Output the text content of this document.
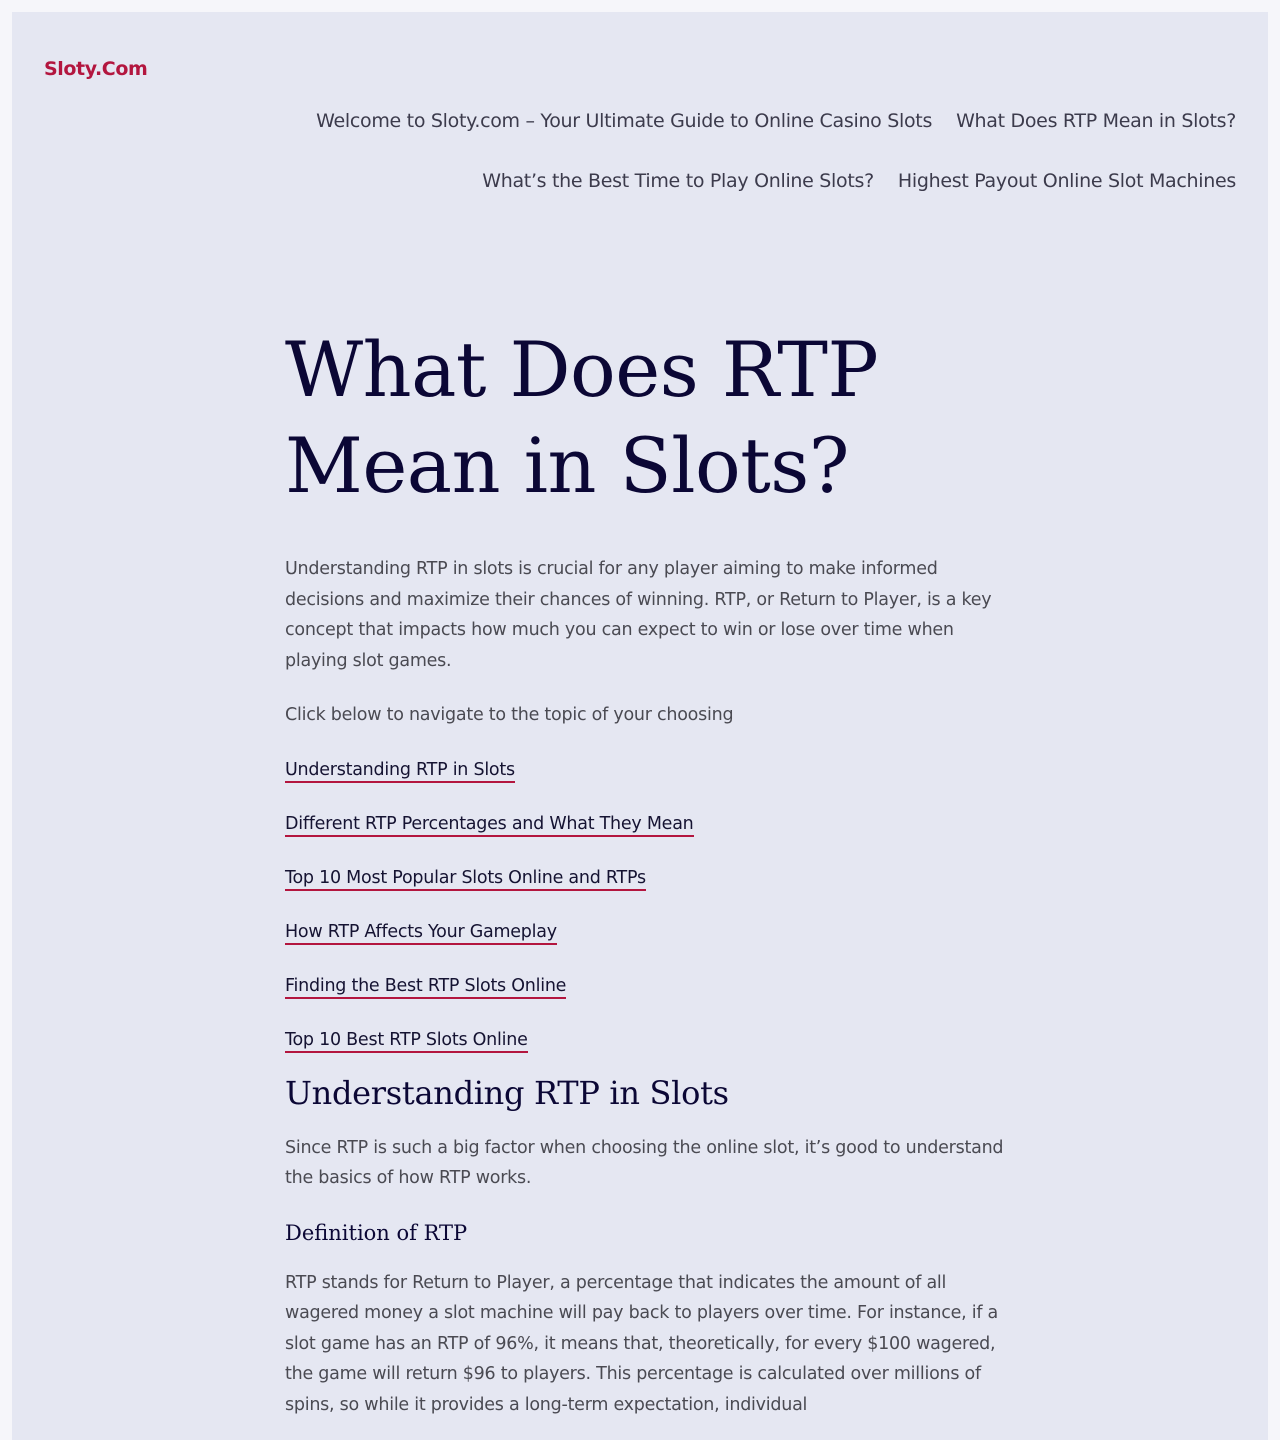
Sloty.Com
Welcome to Sloty.com – Your Ultimate Guide to Online Casino Slots What Does RTP Mean in Slots?
What’s the Best Time to Play Online Slots? Highest Payout Online Slot Machines
What Does RTP Mean in Slots?

Understanding RTP in slots is crucial for any player aiming to make informed decisions and maximize their chances of winning. RTP, or Return to Player, is a key concept that impacts how much you can expect to win or lose over time when playing slot games.

Click below to navigate to the topic of your choosing

Understanding RTP in Slots
Different RTP Percentages and What They Mean
Top 10 Most Popular Slots Online and RTPs
How RTP Affects Your Gameplay
Finding the Best RTP Slots Online
Top 10 Best RTP Slots Online
Understanding RTP in Slots

Since RTP is such a big factor when choosing the online slot, it’s good to understand the basics of how RTP works.

Definition of RTP

RTP stands for Return to Player, a percentage that indicates the amount of all wagered money a slot machine will pay back to players over time. For instance, if a slot game has an RTP of 96%, it means that, theoretically, for every $100 wagered, the game will return $96 to players. This percentage is calculated over millions of spins, so while it provides a long-term expectation, individual
